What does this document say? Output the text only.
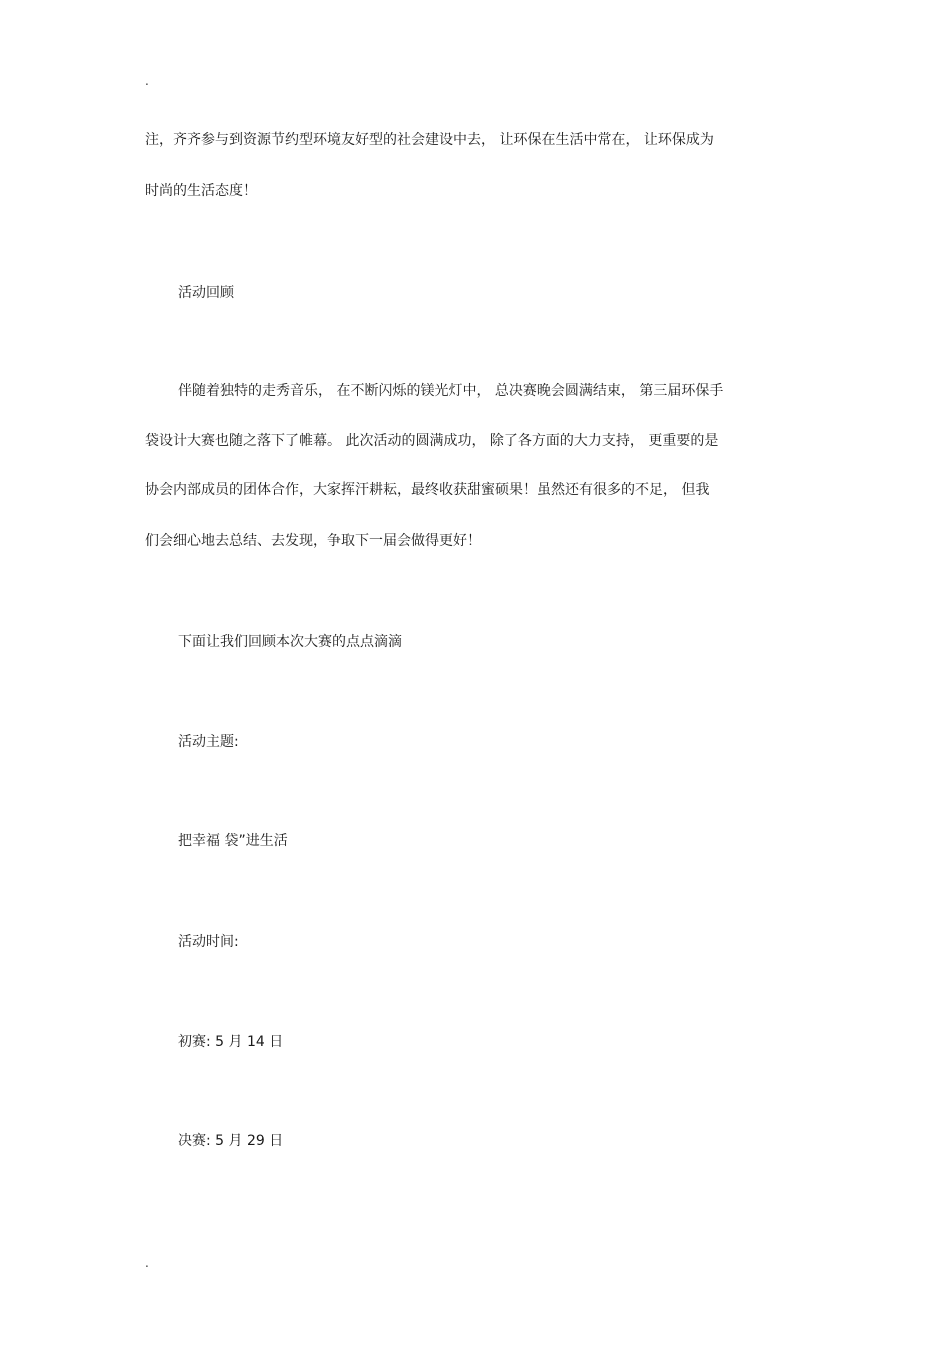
.

注，齐齐参与到资源节约型环境友好型的社会建设中去， 让环保在生活中常在， 让环保成为

时尚的生活态度！

活动回顾

伴随着独特的走秀音乐， 在不断闪烁的镁光灯中， 总决赛晚会圆满结束， 第三届环保手

袋设计大赛也随之落下了帷幕。 此次活动的圆满成功， 除了各方面的大力支持， 更重要的是

协会内部成员的团体合作，大家挥汗耕耘，最终收获甜蜜硕果！虽然还有很多的不足， 但我

们会细心地去总结、去发现，争取下一届会做得更好！

下面让我们回顾本次大赛的点点滴滴

活动主题:

把幸福 袋”进生活

活动时间:

初赛: 5 月 14 日

决赛: 5 月 29 日

.
